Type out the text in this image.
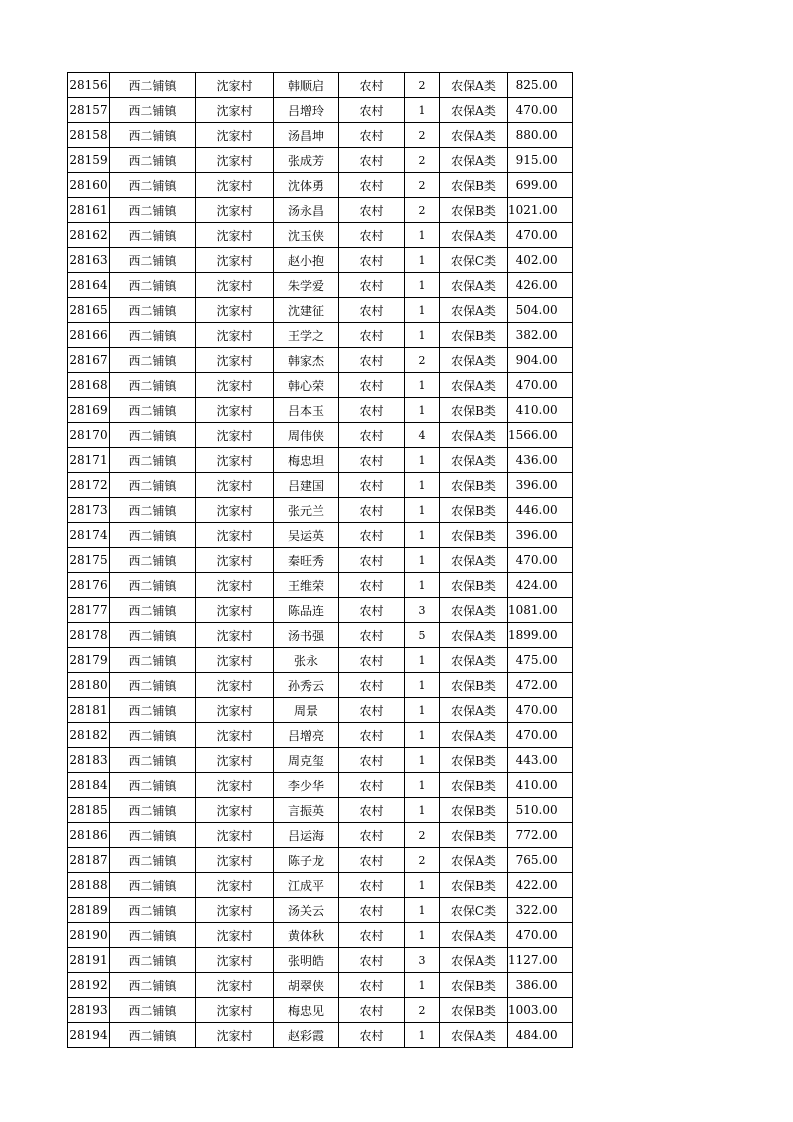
28156	西二铺镇	沈家村	韩顺启	农村	2	农保A类	825.00
28157	西二铺镇	沈家村	吕增玲	农村	1	农保A类	470.00
28158	西二铺镇	沈家村	汤昌坤	农村	2	农保A类	880.00
28159	西二铺镇	沈家村	张成芳	农村	2	农保A类	915.00
28160	西二铺镇	沈家村	沈体勇	农村	2	农保B类	699.00
28161	西二铺镇	沈家村	汤永昌	农村	2	农保B类	1021.00
28162	西二铺镇	沈家村	沈玉侠	农村	1	农保A类	470.00
28163	西二铺镇	沈家村	赵小抱	农村	1	农保C类	402.00
28164	西二铺镇	沈家村	朱学爱	农村	1	农保A类	426.00
28165	西二铺镇	沈家村	沈建征	农村	1	农保A类	504.00
28166	西二铺镇	沈家村	王学之	农村	1	农保B类	382.00
28167	西二铺镇	沈家村	韩家杰	农村	2	农保A类	904.00
28168	西二铺镇	沈家村	韩心荣	农村	1	农保A类	470.00
28169	西二铺镇	沈家村	吕本玉	农村	1	农保B类	410.00
28170	西二铺镇	沈家村	周伟侠	农村	4	农保A类	1566.00
28171	西二铺镇	沈家村	梅忠坦	农村	1	农保A类	436.00
28172	西二铺镇	沈家村	吕建国	农村	1	农保B类	396.00
28173	西二铺镇	沈家村	张元兰	农村	1	农保B类	446.00
28174	西二铺镇	沈家村	吴运英	农村	1	农保B类	396.00
28175	西二铺镇	沈家村	秦旺秀	农村	1	农保A类	470.00
28176	西二铺镇	沈家村	王维荣	农村	1	农保B类	424.00
28177	西二铺镇	沈家村	陈品连	农村	3	农保A类	1081.00
28178	西二铺镇	沈家村	汤书强	农村	5	农保A类	1899.00
28179	西二铺镇	沈家村	张永	农村	1	农保A类	475.00
28180	西二铺镇	沈家村	孙秀云	农村	1	农保B类	472.00
28181	西二铺镇	沈家村	周景	农村	1	农保A类	470.00
28182	西二铺镇	沈家村	吕增亮	农村	1	农保A类	470.00
28183	西二铺镇	沈家村	周克玺	农村	1	农保B类	443.00
28184	西二铺镇	沈家村	李少华	农村	1	农保B类	410.00
28185	西二铺镇	沈家村	言振英	农村	1	农保B类	510.00
28186	西二铺镇	沈家村	吕运海	农村	2	农保B类	772.00
28187	西二铺镇	沈家村	陈子龙	农村	2	农保A类	765.00
28188	西二铺镇	沈家村	江成平	农村	1	农保B类	422.00
28189	西二铺镇	沈家村	汤关云	农村	1	农保C类	322.00
28190	西二铺镇	沈家村	黄体秋	农村	1	农保A类	470.00
28191	西二铺镇	沈家村	张明皓	农村	3	农保A类	1127.00
28192	西二铺镇	沈家村	胡翠侠	农村	1	农保B类	386.00
28193	西二铺镇	沈家村	梅忠见	农村	2	农保B类	1003.00
28194	西二铺镇	沈家村	赵彩霞	农村	1	农保A类	484.00
